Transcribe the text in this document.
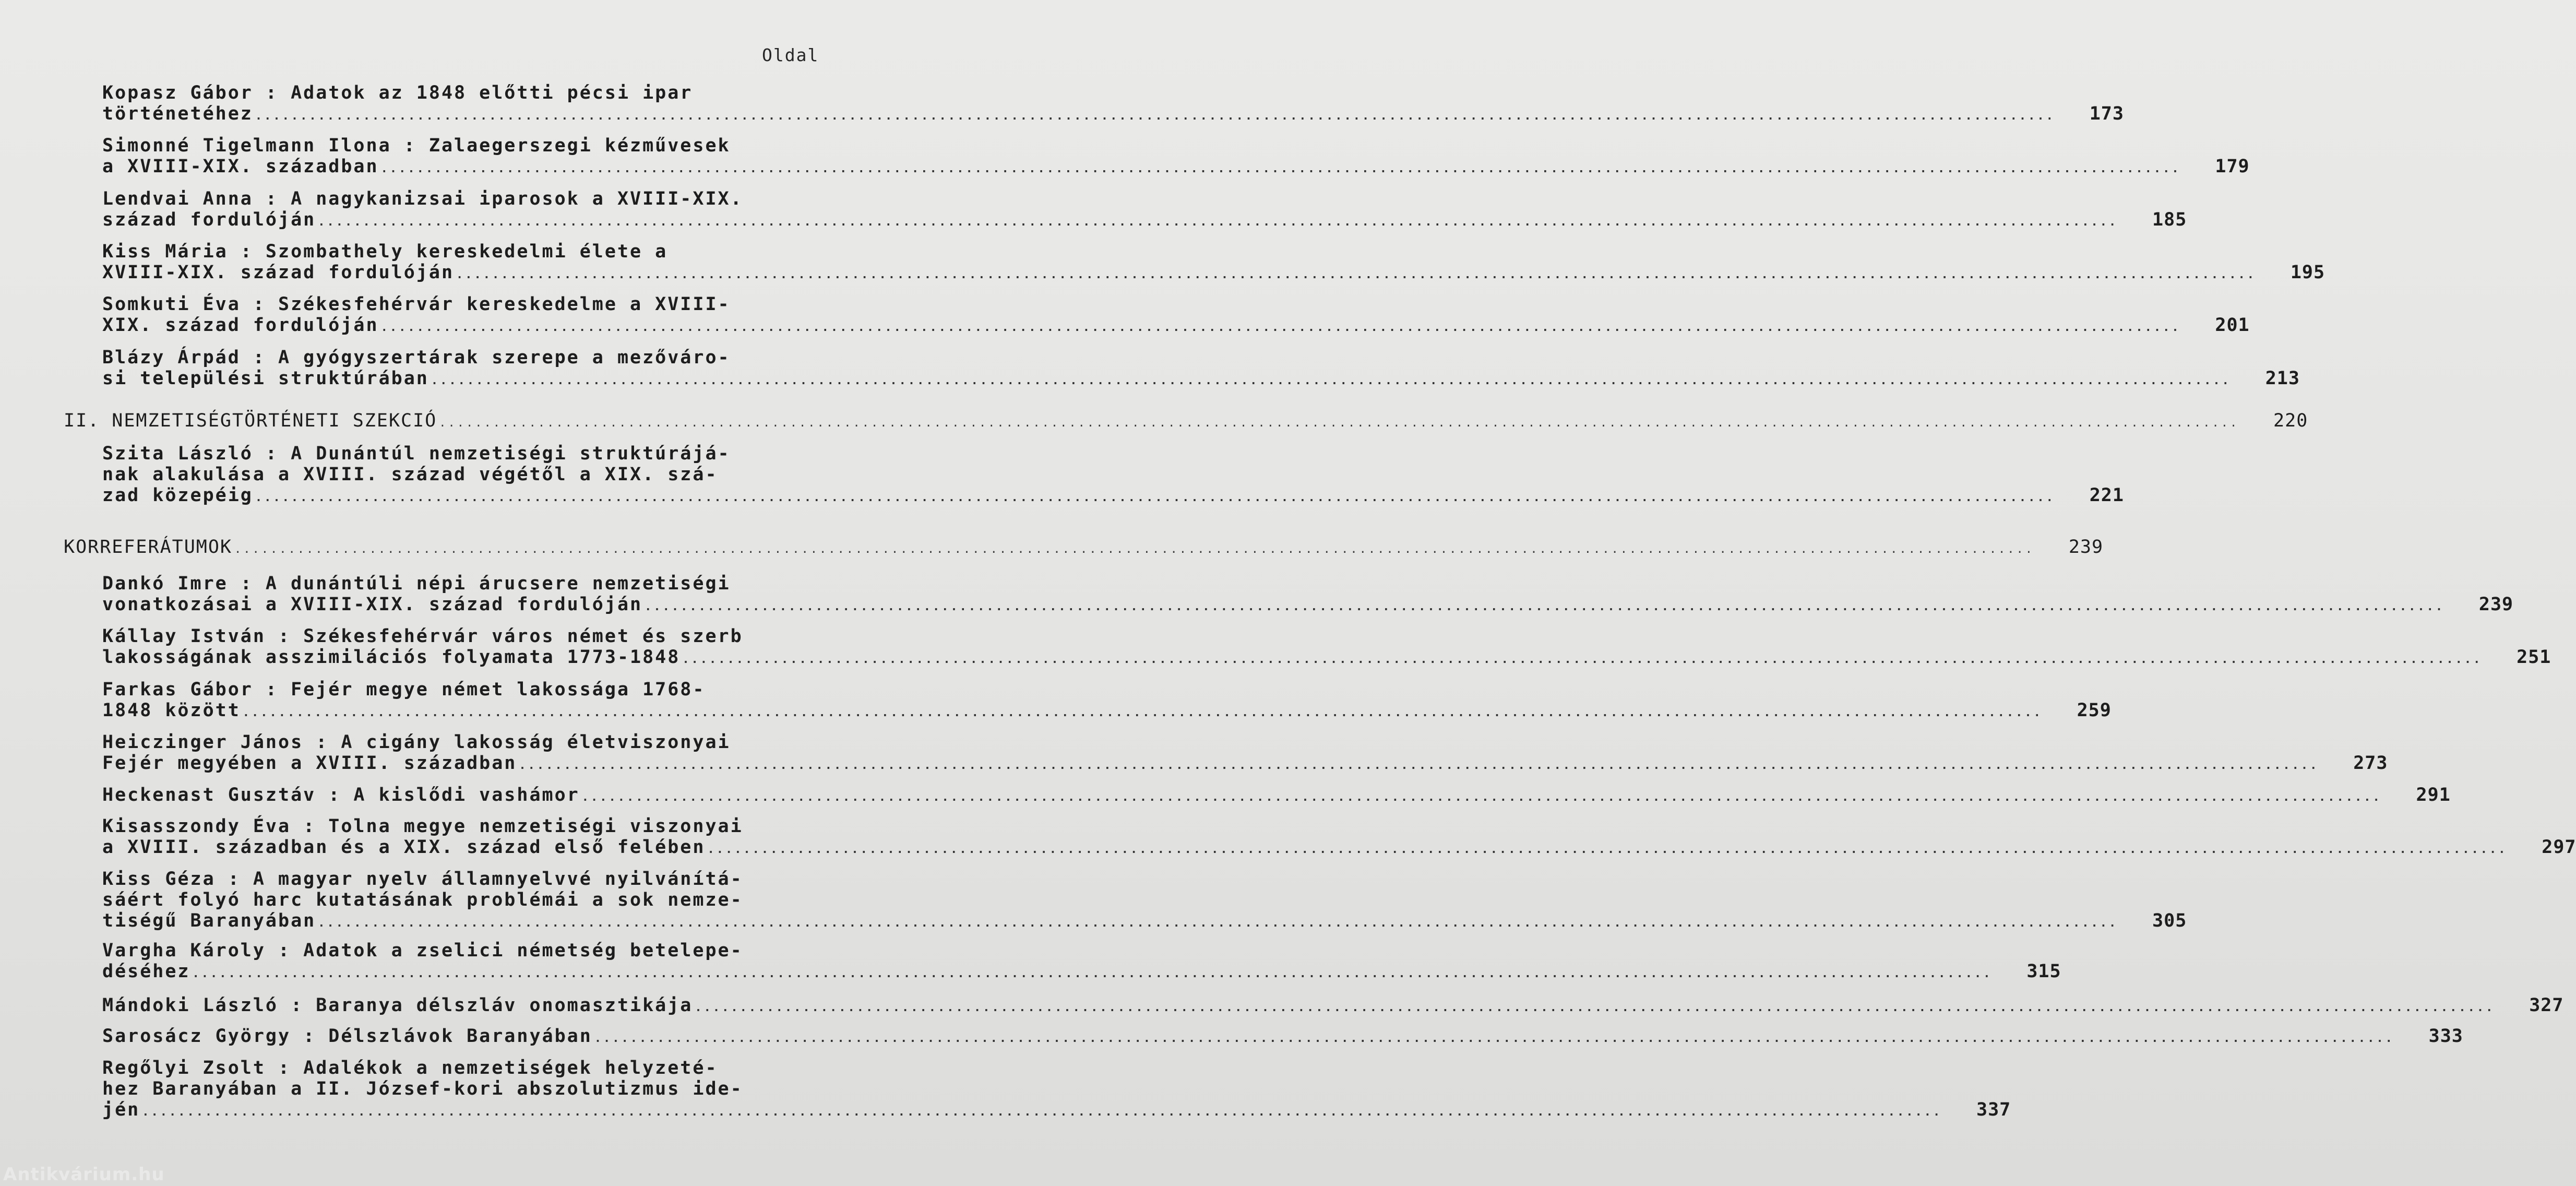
Oldal
Kopasz Gábor : Adatok az 1848 előtti pécsi ipar
történetéhez ........................................................................................................................................................................................................	173
Simonné Tigelmann Ilona : Zalaegerszegi kézművesek
a XVIII-XIX. században ........................................................................................................................................................................................................	179
Lendvai Anna : A nagykanizsai iparosok a XVIII-XIX.
század fordulóján ........................................................................................................................................................................................................	185
Kiss Mária : Szombathely kereskedelmi élete a
XVIII-XIX. század fordulóján ........................................................................................................................................................................................................	195
Somkuti Éva : Székesfehérvár kereskedelme a XVIII-
XIX. század fordulóján ........................................................................................................................................................................................................	201
Blázy Árpád : A gyógyszertárak szerepe a mezőváro-
si települési struktúrában ........................................................................................................................................................................................................	213
II. NEMZETISÉGTÖRTÉNETI SZEKCIÓ ........................................................................................................................................................................................................	220
Szita László : A Dunántúl nemzetiségi struktúrájá-
nak alakulása a XVIII. század végétől a XIX. szá-
zad közepéig ........................................................................................................................................................................................................	221
KORREFERÁTUMOK ........................................................................................................................................................................................................	239
Dankó Imre : A dunántúli népi árucsere nemzetiségi
vonatkozásai a XVIII-XIX. század fordulóján ........................................................................................................................................................................................................	239
Kállay István : Székesfehérvár város német és szerb
lakosságának asszimilációs folyamata 1773-1848 ........................................................................................................................................................................................................	251
Farkas Gábor : Fejér megye német lakossága 1768-
1848 között ........................................................................................................................................................................................................	259
Heiczinger János : A cigány lakosság életviszonyai
Fejér megyében a XVIII. században ........................................................................................................................................................................................................	273
Heckenast Gusztáv : A kislődi vashámor ........................................................................................................................................................................................................	291
Kisasszondy Éva : Tolna megye nemzetiségi viszonyai
a XVIII. században és a XIX. század első felében ........................................................................................................................................................................................................	297
Kiss Géza : A magyar nyelv államnyelvvé nyilvánítá-
sáért folyó harc kutatásának problémái a sok nemze-
tiségű Baranyában ........................................................................................................................................................................................................	305
Vargha Károly : Adatok a zselici németség betelepe-
déséhez ........................................................................................................................................................................................................	315
Mándoki László : Baranya délszláv onomasztikája ........................................................................................................................................................................................................	327
Sarosácz György : Délszlávok Baranyában ........................................................................................................................................................................................................	333
Regőlyi Zsolt : Adalékok a nemzetiségek helyzeté-
hez Baranyában a II. József-kori abszolutizmus ide-
jén ........................................................................................................................................................................................................	337
Antikvárium.hu
